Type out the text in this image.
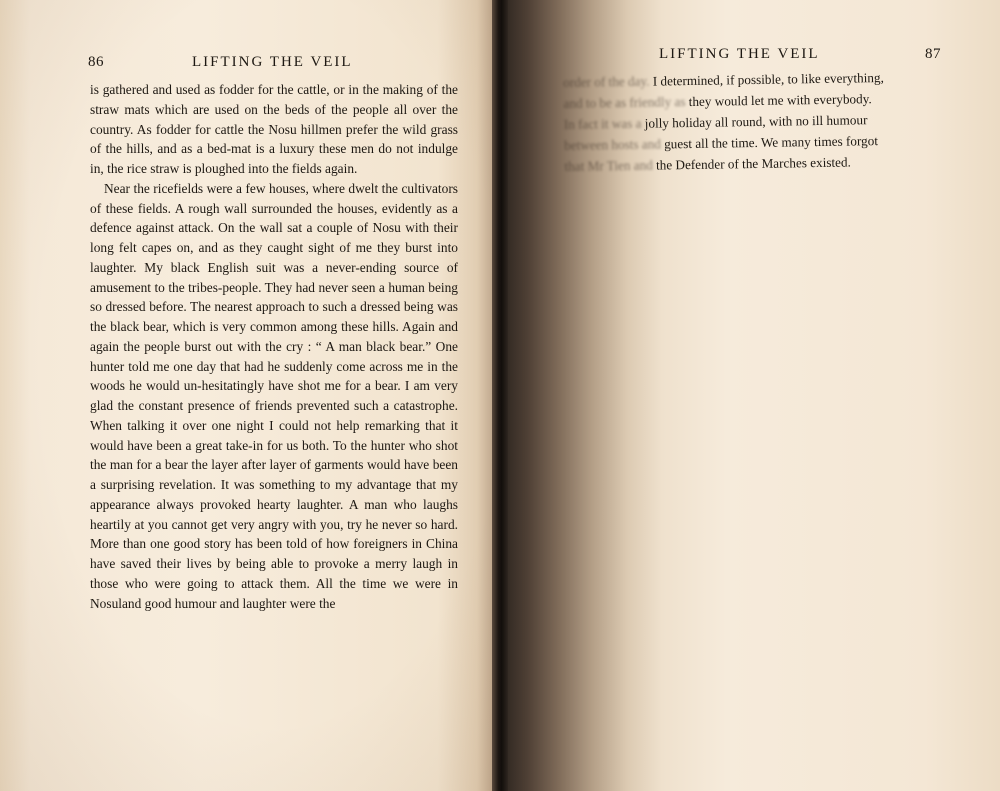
86	LIFTING THE VEIL

is gathered and used as fodder for the cattle, or in the making of the straw mats which are used on the beds of the people all over the country. As fodder for cattle the Nosu hillmen prefer the wild grass of the hills, and as a bed-mat is a luxury these men do not indulge in, the rice straw is ploughed into the fields again.

Near the ricefields were a few houses, where dwelt the cultivators of these fields. A rough wall surrounded the houses, evidently as a defence against attack. On the wall sat a couple of Nosu with their long felt capes on, and as they caught sight of me they burst into laughter. My black English suit was a never-ending source of amusement to the tribes-people. They had never seen a human being so dressed before. The nearest approach to such a dressed being was the black bear, which is very common among these hills. Again and again the people burst out with the cry : “ A man black bear.” One hunter told me one day that had he suddenly come across me in the woods he would un-hesitatingly have shot me for a bear. I am very glad the constant presence of friends prevented such a catastrophe. When talking it over one night I could not help remarking that it would have been a great take-in for us both. To the hunter who shot the man for a bear the layer after layer of garments would have been a surprising revelation. It was something to my advantage that my appearance always provoked hearty laughter. A man who laughs heartily at you cannot get very angry with you, try he never so hard. More than one good story has been told of how foreigners in China have saved their lives by being able to provoke a merry laugh in those who were going to attack them. All the time we were in Nosuland good humour and laughter were the

LIFTING THE VEIL	87

order of the day. I determined, if possible, to like everything,

and to be as friendly as they would let me with everybody.

In fact it was a jolly holiday all round, with no ill humour

between hosts and guest all the time. We many times forgot

that Mr Tien and the Defender of the Marches existed.
